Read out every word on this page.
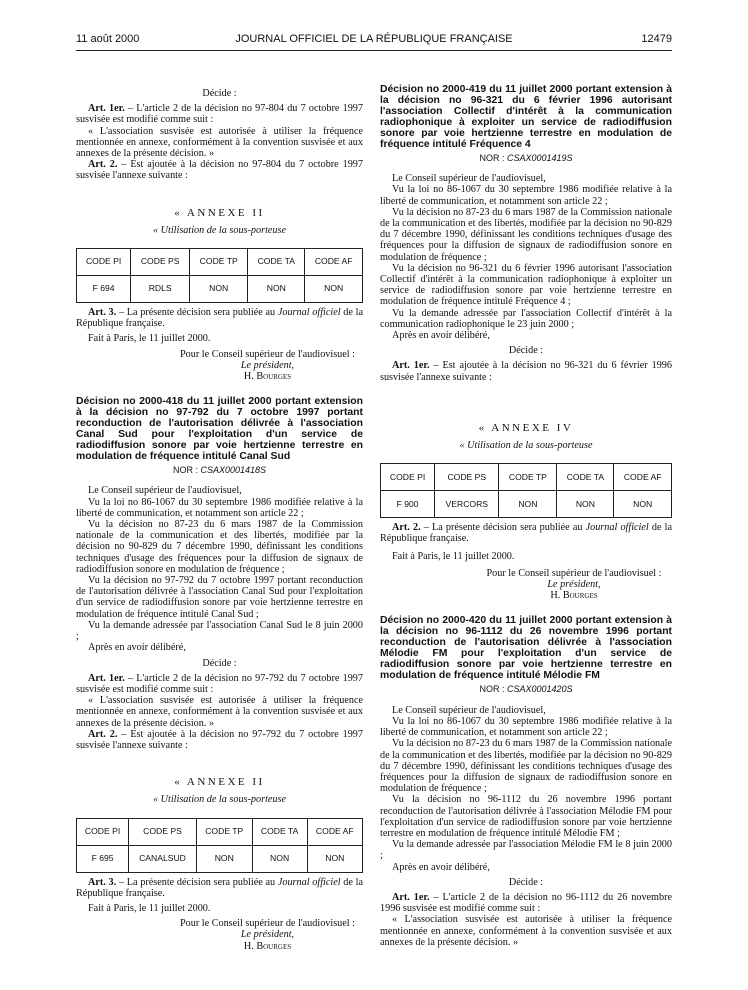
11 août 2000	JOURNAL OFFICIEL DE LA RÉPUBLIQUE FRANÇAISE	12479

Décide :

Art. 1er. – L'article 2 de la décision no 97-804 du 7 octobre 1997 susvisée est modifié comme suit :

« L'association susvisée est autorisée à utiliser la fréquence mentionnée en annexe, conformément à la convention susvisée et aux annexes de la présente décision. »

Art. 2. – Est ajoutée à la décision no 97-804 du 7 octobre 1997 susvisée l'annexe suivante :

« ANNEXE II

« Utilisation de la sous-porteuse

CODE PI	CODE PS	CODE TP	CODE TA	CODE AF
F 694	RDLS	NON	NON	NON

Art. 3. – La présente décision sera publiée au Journal officiel de la République française.

Fait à Paris, le 11 juillet 2000.

Pour le Conseil supérieur de l'audiovisuel :
Le président,
H. Bourges

Décision no 2000-418 du 11 juillet 2000 portant extension à la décision no 97-792 du 7 octobre 1997 portant reconduction de l'autorisation délivrée à l'association Canal Sud pour l'exploitation d'un service de radiodiffusion sonore par voie hertzienne terrestre en modulation de fréquence intitulé Canal Sud

NOR : CSAX0001418S

Le Conseil supérieur de l'audiovisuel,

Vu la loi no 86-1067 du 30 septembre 1986 modifiée relative à la liberté de communication, et notamment son article 22 ;

Vu la décision no 87-23 du 6 mars 1987 de la Commission nationale de la communication et des libertés, modifiée par la décision no 90-829 du 7 décembre 1990, définissant les conditions techniques d'usage des fréquences pour la diffusion de signaux de radiodiffusion sonore en modulation de fréquence ;

Vu la décision no 97-792 du 7 octobre 1997 portant reconduction de l'autorisation délivrée à l'association Canal Sud pour l'exploitation d'un service de radiodiffusion sonore par voie hertzienne terrestre en modulation de fréquence intitulé Canal Sud ;

Vu la demande adressée par l'association Canal Sud le 8 juin 2000 ;

Après en avoir délibéré,

Décide :

Art. 1er. – L'article 2 de la décision no 97-792 du 7 octobre 1997 susvisée est modifié comme suit :

« L'association susvisée est autorisée à utiliser la fréquence mentionnée en annexe, conformément à la convention susvisée et aux annexes de la présente décision. »

Art. 2. – Est ajoutée à la décision no 97-792 du 7 octobre 1997 susvisée l'annexe suivante :

« ANNEXE II

« Utilisation de la sous-porteuse

CODE PI	CODE PS	CODE TP	CODE TA	CODE AF
F 695	CANALSUD	NON	NON	NON

Art. 3. – La présente décision sera publiée au Journal officiel de la République française.

Fait à Paris, le 11 juillet 2000.

Pour le Conseil supérieur de l'audiovisuel :
Le président,
H. Bourges

Décision no 2000-419 du 11 juillet 2000 portant extension à la décision no 96-321 du 6 février 1996 autorisant l'association Collectif d'intérêt à la communication radiophonique à exploiter un service de radiodiffusion sonore par voie hertzienne terrestre en modulation de fréquence intitulé Fréquence 4

NOR : CSAX0001419S

Le Conseil supérieur de l'audiovisuel,

Vu la loi no 86-1067 du 30 septembre 1986 modifiée relative à la liberté de communication, et notamment son article 22 ;

Vu la décision no 87-23 du 6 mars 1987 de la Commission nationale de la communication et des libertés, modifiée par la décision no 90-829 du 7 décembre 1990, définissant les conditions techniques d'usage des fréquences pour la diffusion de signaux de radiodiffusion sonore en modulation de fréquence ;

Vu la décision no 96-321 du 6 février 1996 autorisant l'association Collectif d'intérêt à la communication radiophonique à exploiter un service de radiodiffusion sonore par voie hertzienne terrestre en modulation de fréquence intitulé Fréquence 4 ;

Vu la demande adressée par l'association Collectif d'intérêt à la communication radiophonique le 23 juin 2000 ;

Après en avoir délibéré,

Décide :

Art. 1er. – Est ajoutée à la décision no 96-321 du 6 février 1996 susvisée l'annexe suivante :

« ANNEXE IV

« Utilisation de la sous-porteuse

CODE PI	CODE PS	CODE TP	CODE TA	CODE AF
F 900	VERCORS	NON	NON	NON

Art. 2. – La présente décision sera publiée au Journal officiel de la République française.

Fait à Paris, le 11 juillet 2000.

Pour le Conseil supérieur de l'audiovisuel :
Le président,
H. Bourges

Décision no 2000-420 du 11 juillet 2000 portant extension à la décision no 96-1112 du 26 novembre 1996 portant reconduction de l'autorisation délivrée à l'association Mélodie FM pour l'exploitation d'un service de radiodiffusion sonore par voie hertzienne terrestre en modulation de fréquence intitulé Mélodie FM

NOR : CSAX0001420S

Le Conseil supérieur de l'audiovisuel,

Vu la loi no 86-1067 du 30 septembre 1986 modifiée relative à la liberté de communication, et notamment son article 22 ;

Vu la décision no 87-23 du 6 mars 1987 de la Commission nationale de la communication et des libertés, modifiée par la décision no 90-829 du 7 décembre 1990, définissant les conditions techniques d'usage des fréquences pour la diffusion de signaux de radiodiffusion sonore en modulation de fréquence ;

Vu la décision no 96-1112 du 26 novembre 1996 portant reconduction de l'autorisation délivrée à l'association Mélodie FM pour l'exploitation d'un service de radiodiffusion sonore par voie hertzienne terrestre en modulation de fréquence intitulé Mélodie FM ;

Vu la demande adressée par l'association Mélodie FM le 8 juin 2000 ;

Après en avoir délibéré,

Décide :

Art. 1er. – L'article 2 de la décision no 96-1112 du 26 novembre 1996 susvisée est modifié comme suit :

« L'association susvisée est autorisée à utiliser la fréquence mentionnée en annexe, conformément à la convention susvisée et aux annexes de la présente décision. »
